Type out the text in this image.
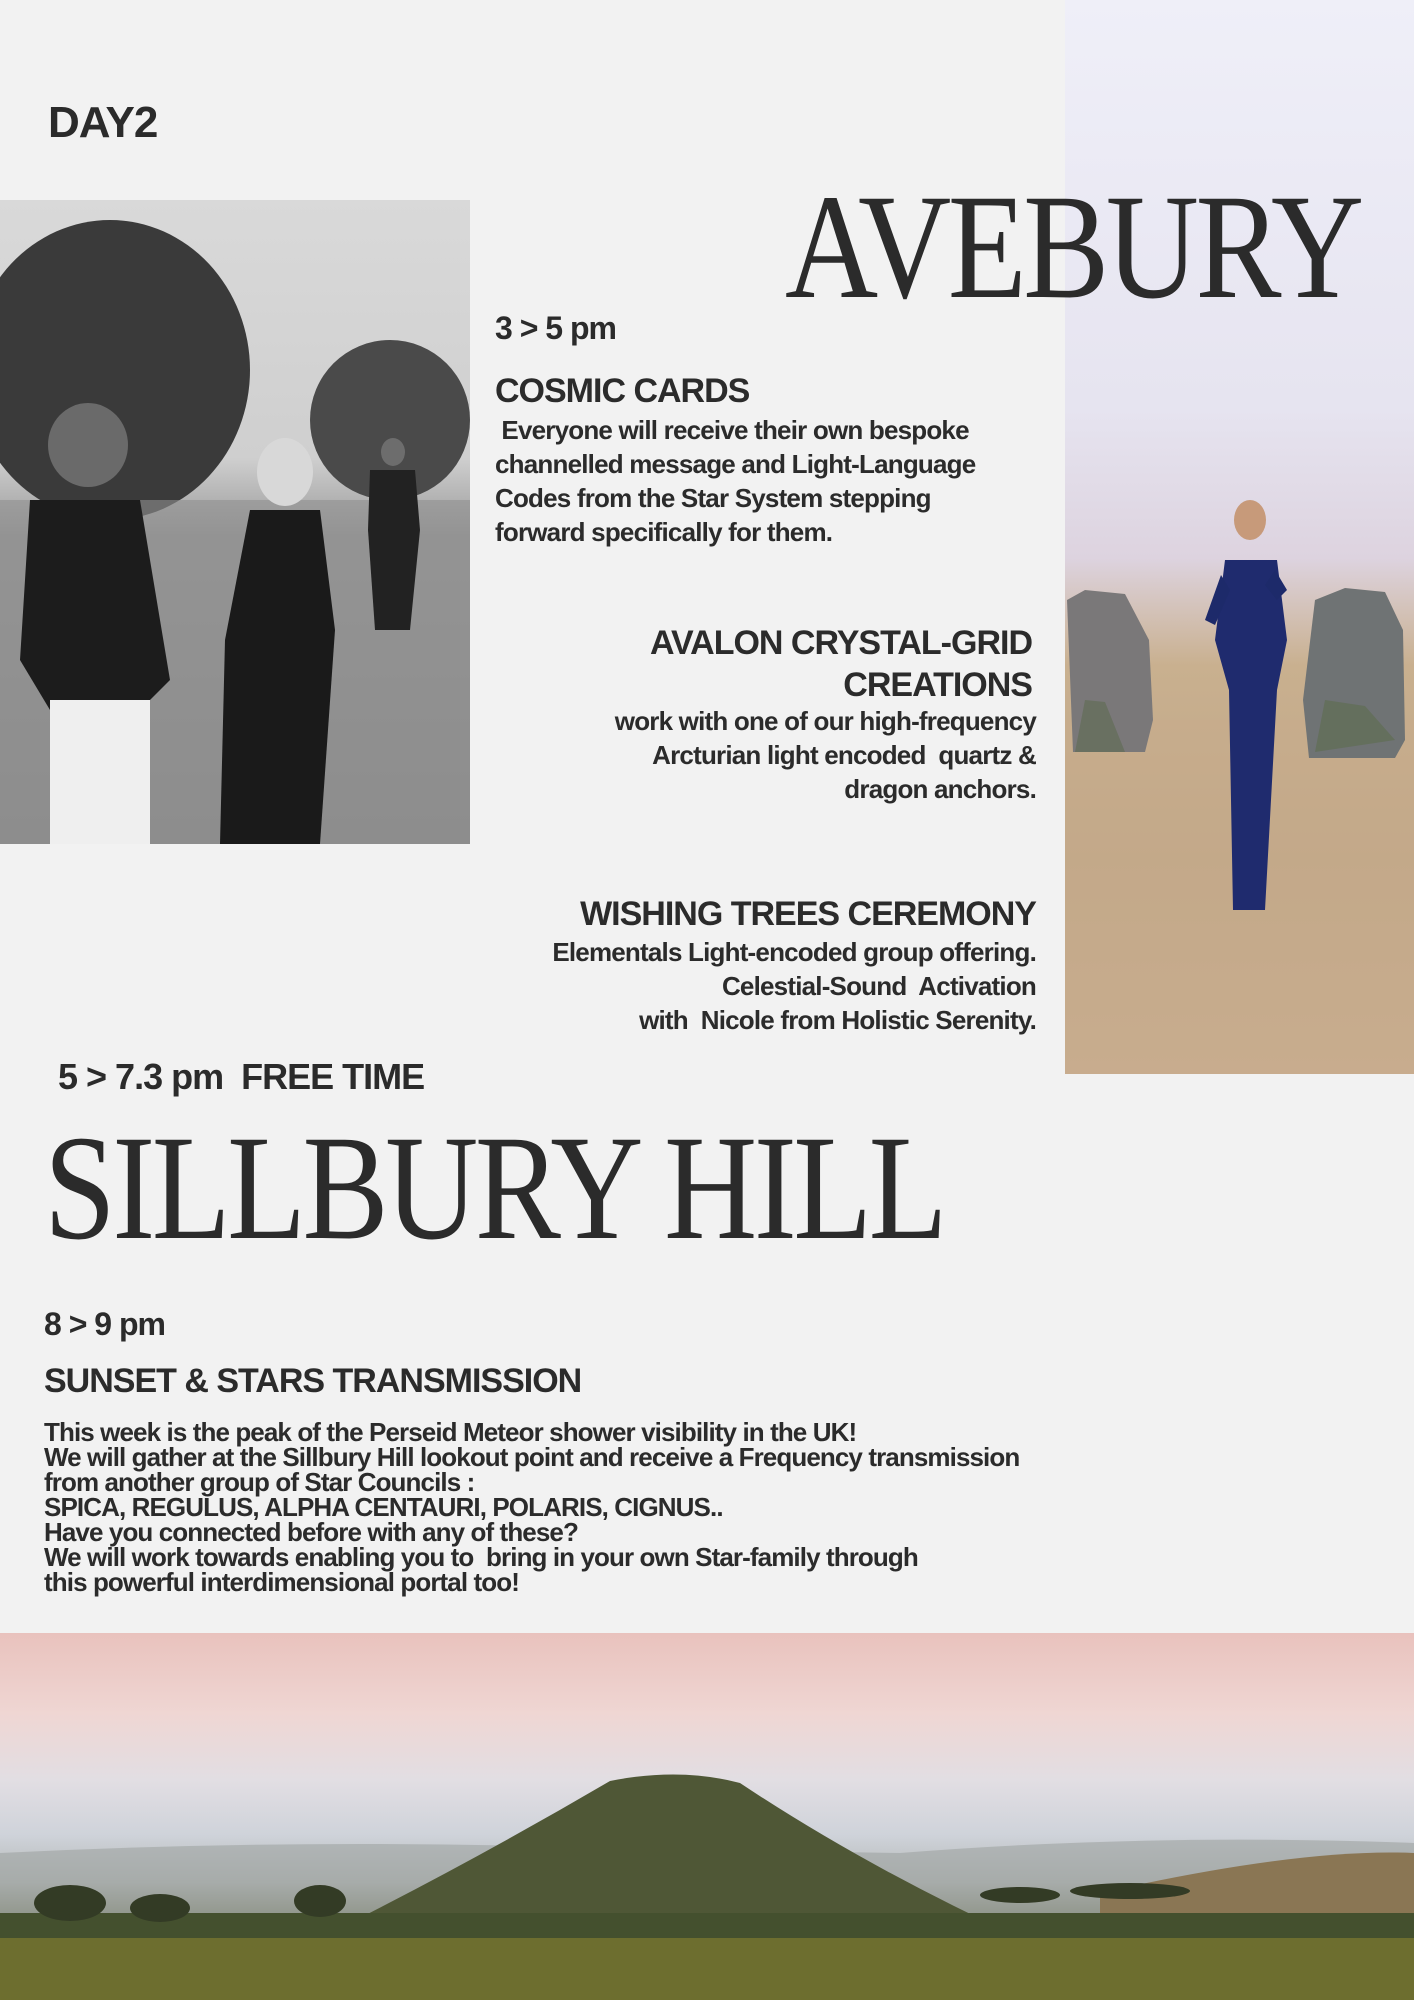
DAY2
AVEBURY
3 > 5 pm
COSMIC CARDS
Everyone will receive their own bespoke
channelled message and Light-Language
Codes from the Star System stepping
forward specifically for them.
AVALON CRYSTAL-GRID
CREATIONS
work with one of our high-frequency
Arcturian light encoded  quartz &
dragon anchors.
WISHING TREES CEREMONY
Elementals Light-encoded group offering.
Celestial-Sound  Activation
with  Nicole from Holistic Serenity.
5 > 7.3 pm  FREE TIME
SILLBURY HILL
8 > 9 pm
SUNSET & STARS TRANSMISSION
This week is the peak of the Perseid Meteor shower visibility in the UK!
We will gather at the Sillbury Hill lookout point and receive a Frequency transmission
from another group of Star Councils :
SPICA, REGULUS, ALPHA CENTAURI, POLARIS, CIGNUS..
Have you connected before with any of these?
We will work towards enabling you to  bring in your own Star-family through
this powerful interdimensional portal too!
